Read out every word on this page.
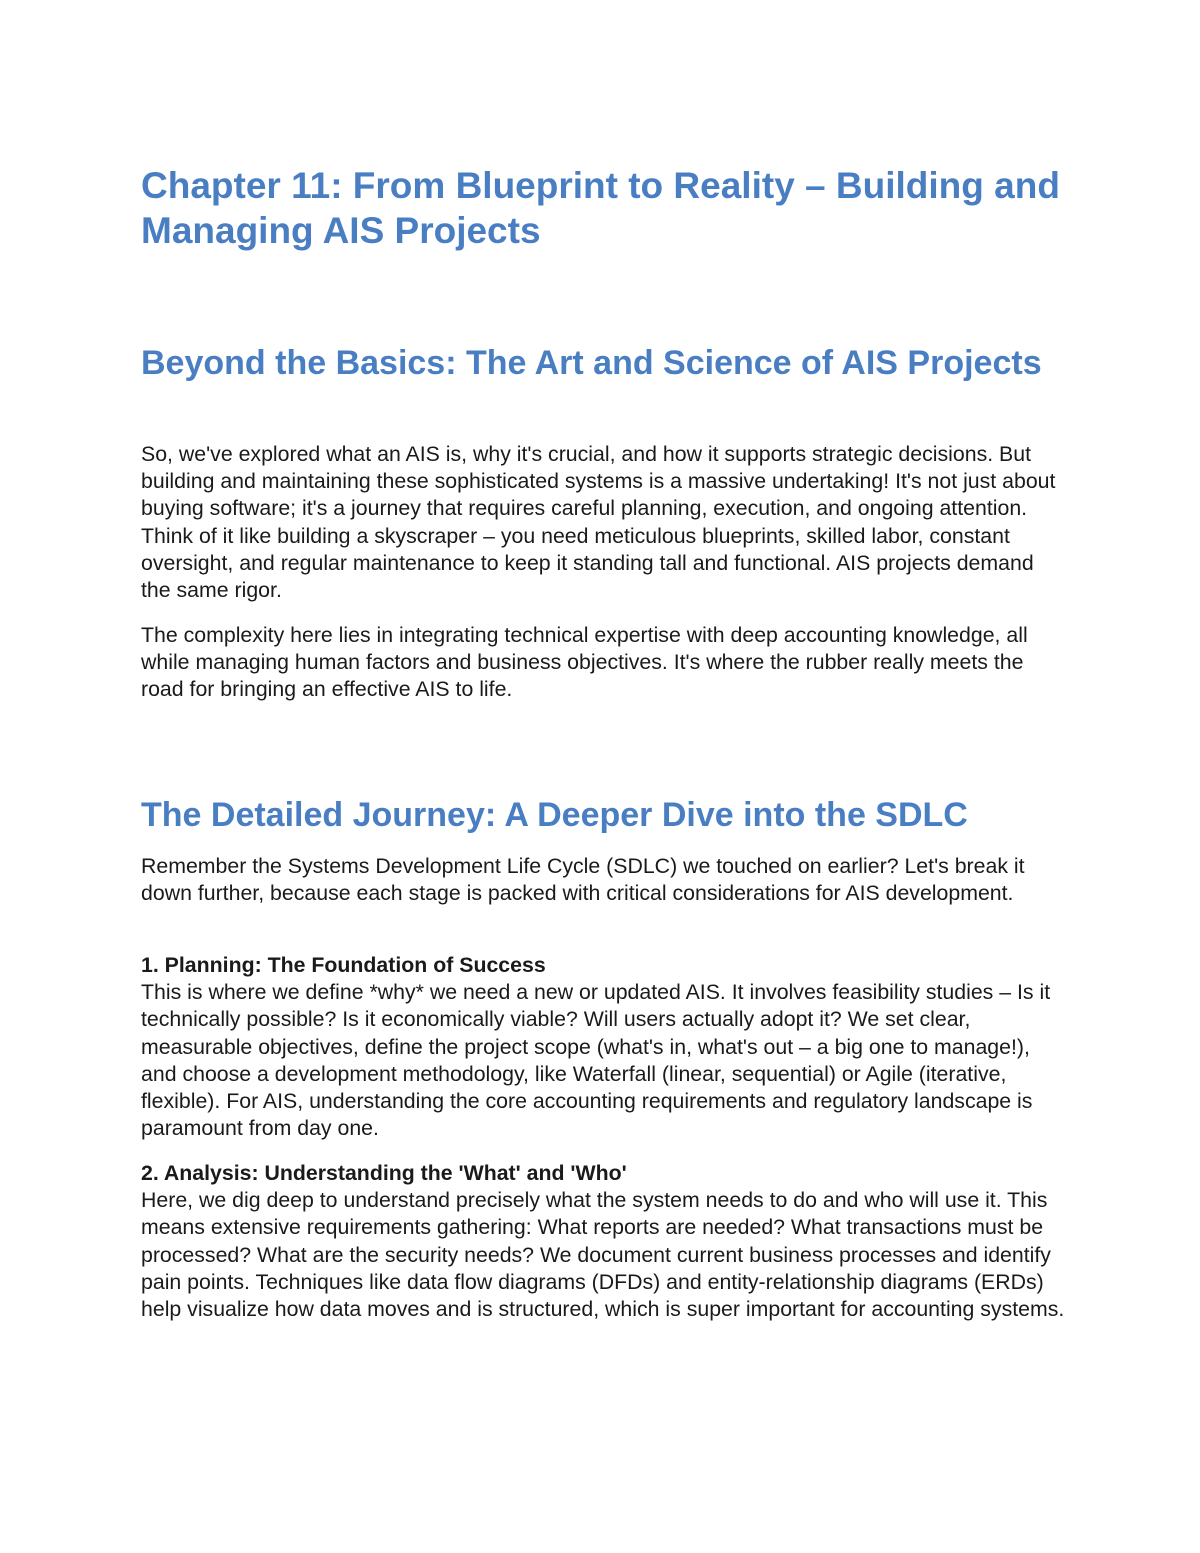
Chapter 11: From Blueprint to Reality – Building and Managing AIS Projects
Beyond the Basics: The Art and Science of AIS Projects

So, we've explored what an AIS is, why it's crucial, and how it supports strategic decisions. But building and maintaining these sophisticated systems is a massive undertaking! It's not just about buying software; it's a journey that requires careful planning, execution, and ongoing attention. Think of it like building a skyscraper – you need meticulous blueprints, skilled labor, constant oversight, and regular maintenance to keep it standing tall and functional. AIS projects demand the same rigor.

The complexity here lies in integrating technical expertise with deep accounting knowledge, all while managing human factors and business objectives. It's where the rubber really meets the road for bringing an effective AIS to life.

The Detailed Journey: A Deeper Dive into the SDLC

Remember the Systems Development Life Cycle (SDLC) we touched on earlier? Let's break it down further, because each stage is packed with critical considerations for AIS development.

1. Planning: The Foundation of Success
This is where we define *why* we need a new or updated AIS. It involves feasibility studies – Is it technically possible? Is it economically viable? Will users actually adopt it? We set clear, measurable objectives, define the project scope (what's in, what's out – a big one to manage!), and choose a development methodology, like Waterfall (linear, sequential) or Agile (iterative, flexible). For AIS, understanding the core accounting requirements and regulatory landscape is paramount from day one.
2. Analysis: Understanding the 'What' and 'Who'
Here, we dig deep to understand precisely what the system needs to do and who will use it. This means extensive requirements gathering: What reports are needed? What transactions must be processed? What are the security needs? We document current business processes and identify pain points. Techniques like data flow diagrams (DFDs) and entity-relationship diagrams (ERDs) help visualize how data moves and is structured, which is super important for accounting systems.
